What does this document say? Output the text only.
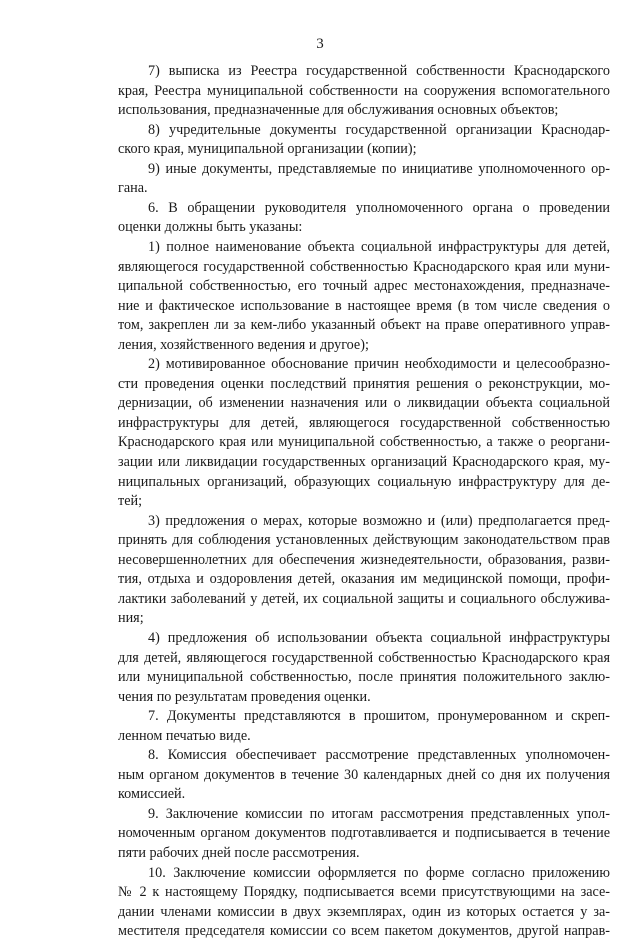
3
7) выписка из Реестра государственной собственности Краснодарского
края, Реестра муниципальной собственности на сооружения вспомогательного
использования, предназначенные для обслуживания основных объектов;
8) учредительные документы государственной организации Краснодар-
ского края, муниципальной организации (копии);
9) иные документы, представляемые по инициативе уполномоченного ор-
гана.
6. В обращении руководителя уполномоченного органа о проведении
оценки должны быть указаны:
1) полное наименование объекта социальной инфраструктуры для детей,
являющегося государственной собственностью Краснодарского края или муни-
ципальной собственностью, его точный адрес местонахождения, предназначе-
ние и фактическое использование в настоящее время (в том числе сведения о
том, закреплен ли за кем-либо указанный объект на праве оперативного управ-
ления, хозяйственного ведения и другое);
2) мотивированное обоснование причин необходимости и целесообразно-
сти проведения оценки последствий принятия решения о реконструкции, мо-
дернизации, об изменении назначения или о ликвидации объекта социальной
инфраструктуры для детей, являющегося государственной собственностью
Краснодарского края или муниципальной собственностью, а также о реоргани-
зации или ликвидации государственных организаций Краснодарского края, му-
ниципальных организаций, образующих социальную инфраструктуру для де-
тей;
3) предложения о мерах, которые возможно и (или) предполагается пред-
принять для соблюдения установленных действующим законодательством прав
несовершеннолетних для обеспечения жизнедеятельности, образования, разви-
тия, отдыха и оздоровления детей, оказания им медицинской помощи, профи-
лактики заболеваний у детей, их социальной защиты и социального обслужива-
ния;
4) предложения об использовании объекта социальной инфраструктуры
для детей, являющегося государственной собственностью Краснодарского края
или муниципальной собственностью, после принятия положительного заклю-
чения по результатам проведения оценки.
7. Документы представляются в прошитом, пронумерованном и скреп-
ленном печатью виде.
8. Комиссия обеспечивает рассмотрение представленных уполномочен-
ным органом документов в течение 30 календарных дней со дня их получения
комиссией.
9. Заключение комиссии по итогам рассмотрения представленных упол-
номоченным органом документов подготавливается и подписывается в течение
пяти рабочих дней после рассмотрения.
10. Заключение комиссии оформляется по форме согласно приложению
№ 2 к настоящему Порядку, подписывается всеми присутствующими на засе-
дании членами комиссии в двух экземплярах, один из которых остается у за-
местителя председателя комиссии со всем пакетом документов, другой направ-
